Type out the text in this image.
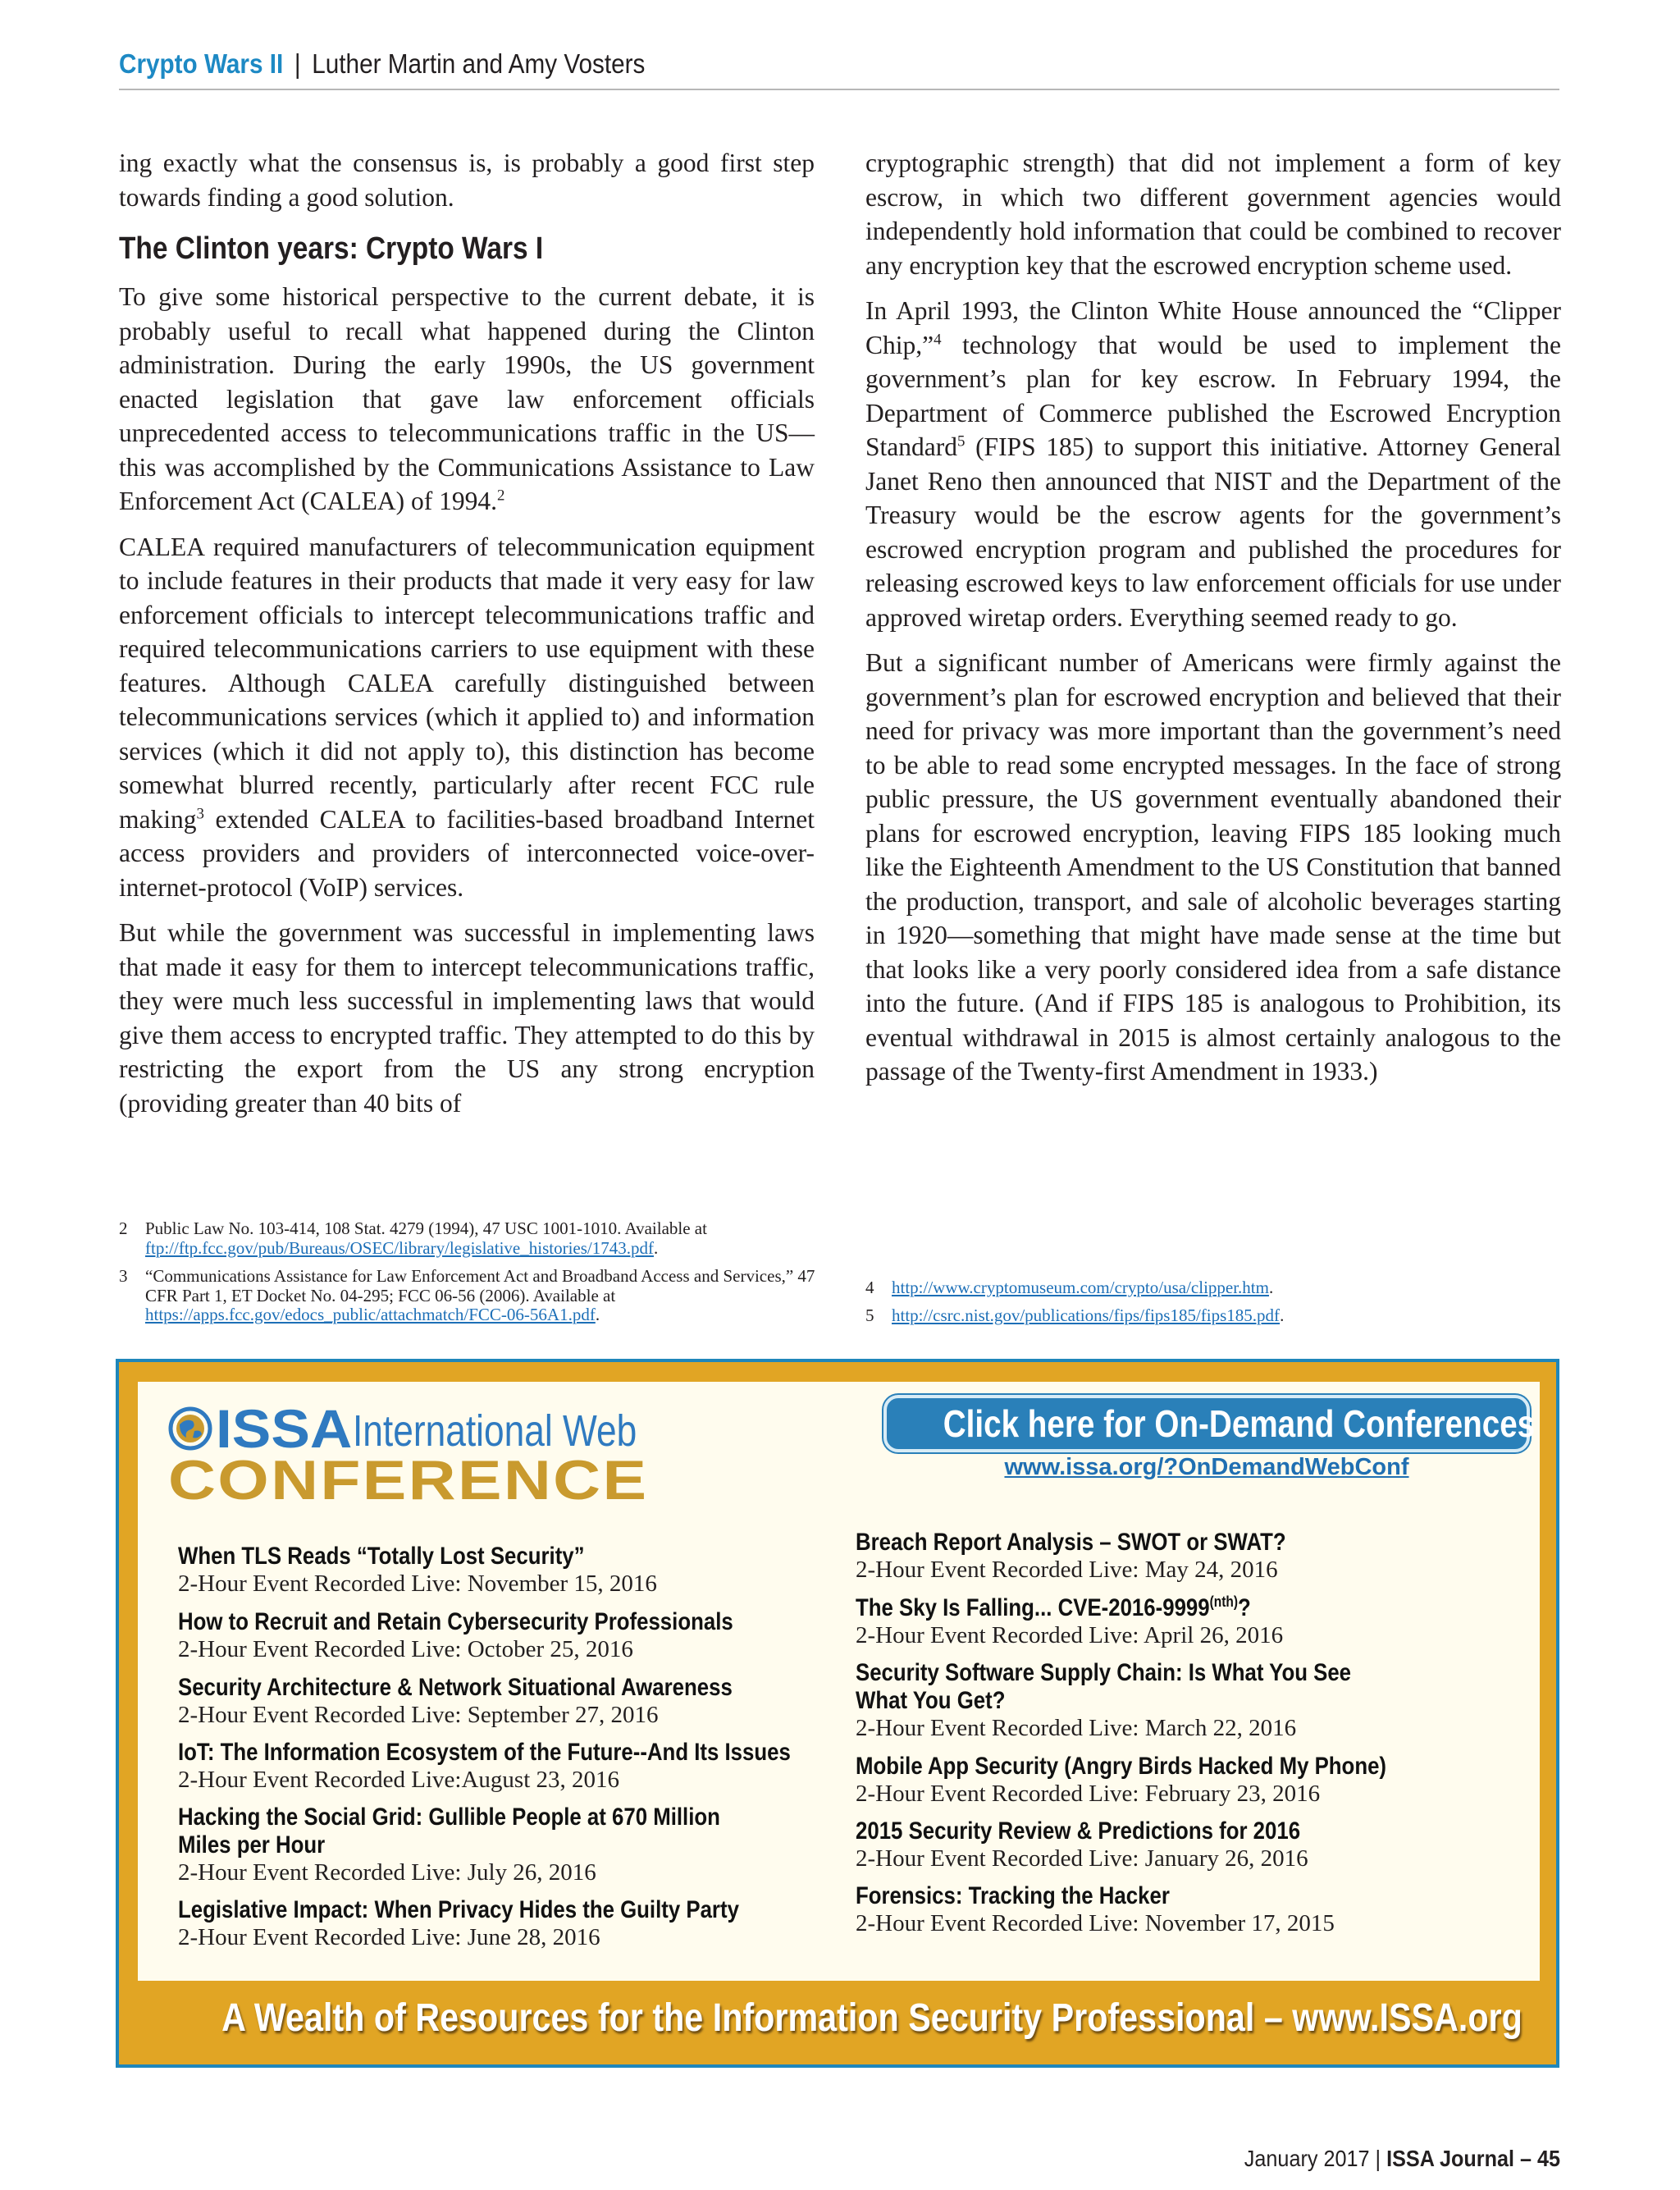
Crypto Wars II | Luther Martin and Amy Vosters

ing exactly what the consensus is, is probably a good first step towards finding a good solution.

The Clinton years: Crypto Wars I

To give some historical perspective to the current debate, it is probably useful to recall what happened during the Clinton administration. During the early 1990s, the US government enacted legislation that gave law enforcement officials unprecedented access to telecommunications traffic in the US—this was accomplished by the Communications Assistance to Law Enforcement Act (CALEA) of 1994.$^2$

CALEA required manufacturers of telecommunication equipment to include features in their products that made it very easy for law enforcement officials to intercept telecommunications traffic and required telecommunications carriers to use equipment with these features. Although CALEA carefully distinguished between telecommunications services (which it applied to) and information services (which it did not apply to), this distinction has become somewhat blurred recently, particularly after recent FCC rule making$^3$ extended CALEA to facilities-based broadband Internet access providers and providers of interconnected voice-over-internet-protocol (VoIP) services.

But while the government was successful in implementing laws that made it easy for them to intercept telecommunications traffic, they were much less successful in implementing laws that would give them access to encrypted traffic. They attempted to do this by restricting the export from the US any strong encryption (providing greater than 40 bits of

cryptographic strength) that did not implement a form of key escrow, in which two different government agencies would independently hold information that could be combined to recover any encryption key that the escrowed encryption scheme used.

In April 1993, the Clinton White House announced the “Clipper Chip,”$^4$ technology that would be used to implement the government’s plan for key escrow. In February 1994, the Department of Commerce published the Escrowed Encryption Standard$^5$ (FIPS 185) to support this initiative. Attorney General Janet Reno then announced that NIST and the Department of the Treasury would be the escrow agents for the government’s escrowed encryption program and published the procedures for releasing escrowed keys to law enforcement officials for use under approved wiretap orders. Everything seemed ready to go.

But a significant number of Americans were firmly against the government’s plan for escrowed encryption and believed that their need for privacy was more important than the government’s need to be able to read some encrypted messages. In the face of strong public pressure, the US government eventually abandoned their plans for escrowed encryption, leaving FIPS 185 looking much like the Eighteenth Amendment to the US Constitution that banned the production, transport, and sale of alcoholic beverages starting in 1920—something that might have made sense at the time but that looks like a very poorly considered idea from a safe distance into the future. (And if FIPS 185 is analogous to Prohibition, its eventual withdrawal in 2015 is almost certainly analogous to the passage of the Twenty-first Amendment in 1933.)

2 Public Law No. 103-414, 108 Stat. 4279 (1994), 47 USC 1001-1010. Available at ftp://ftp.fcc.gov/pub/Bureaus/OSEC/library/legislative_histories/1743.pdf.
3 “Communications Assistance for Law Enforcement Act and Broadband Access and Services,” 47 CFR Part 1, ET Docket No. 04-295; FCC 06-56 (2006). Available at https://apps.fcc.gov/edocs_public/attachmatch/FCC-06-56A1.pdf.
4 http://www.cryptomuseum.com/crypto/usa/clipper.htm.
5 http://csrc.nist.gov/publications/fips/fips185/fips185.pdf.
ISSA International Web
CONFERENCE
Click here for On-Demand Conferences
www.issa.org/?OnDemandWebConf
When TLS Reads “Totally Lost Security”
2-Hour Event Recorded Live: November 15, 2016
How to Recruit and Retain Cybersecurity Professionals
2-Hour Event Recorded Live: October 25, 2016
Security Architecture & Network Situational Awareness
2-Hour Event Recorded Live: September 27, 2016
IoT: The Information Ecosystem of the Future--And Its Issues
2-Hour Event Recorded Live:August 23, 2016
Hacking the Social Grid: Gullible People at 670 Million Miles per Hour
2-Hour Event Recorded Live: July 26, 2016
Legislative Impact: When Privacy Hides the Guilty Party
2-Hour Event Recorded Live: June 28, 2016
Breach Report Analysis – SWOT or SWAT?
2-Hour Event Recorded Live: May 24, 2016
The Sky Is Falling... CVE-$2016-9999^{(nth)}$?
2-Hour Event Recorded Live: April 26, 2016
Security Software Supply Chain: Is What You See What You Get?
2-Hour Event Recorded Live: March 22, 2016
Mobile App Security (Angry Birds Hacked My Phone)
2-Hour Event Recorded Live: February 23, 2016
2015 Security Review & Predictions for 2016
2-Hour Event Recorded Live: January 26, 2016
Forensics: Tracking the Hacker
2-Hour Event Recorded Live: November 17, 2015
A Wealth of Resources for the Information Security Professional – www.ISSA.org
January 2017 | ISSA Journal – 45
